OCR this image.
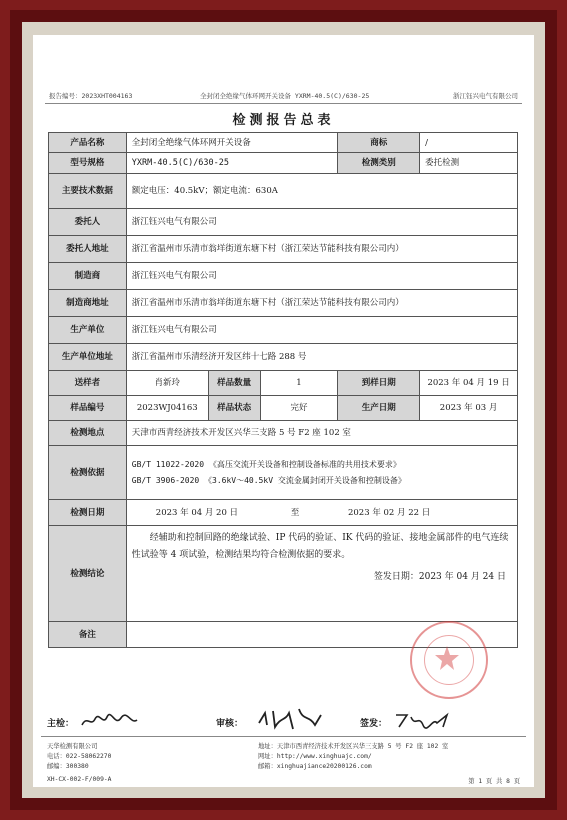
报告编号：2023XHT004163	全封闭全绝缘气体环网开关设备 YXRM-40.5(C)/630-25	浙江钰兴电气有限公司
检测报告总表
产品名称	全封闭全绝缘气体环网开关设备			商标	/
型号规格	YXRM-40.5(C)/630-25			检测类别	委托检测
主要技术数据	额定电压：40.5kV；额定电流：630A				
委托人	浙江钰兴电气有限公司				
委托人地址	浙江省温州市乐清市翁垟街道东塘下村（浙江荣达节能科技有限公司内）				
制造商	浙江钰兴电气有限公司				
制造商地址	浙江省温州市乐清市翁垟街道东塘下村（浙江荣达节能科技有限公司内）				
生产单位	浙江钰兴电气有限公司				
生产单位地址	浙江省温州市乐清经济开发区纬十七路 288 号				
送样者	肖新玲	样品数量	1	到样日期	2023 年 04 月 19 日
样品编号	2023WJ04163	样品状态	完好	生产日期	2023 年 03 月
检测地点	天津市西青经济技术开发区兴华三支路 5 号 F2 座 102 室				
检测依据	GB/T 11022-2020 《高压交流开关设备和控制设备标准的共用技术要求》
GB/T 3906-2020 《3.6kV～40.5kV 交流金属封闭开关设备和控制设备》				

检测日期	2023 年 04 月 20 日 至 2023 年 02 月 22 日				
检测结论	经辅助和控制回路的绝缘试验、IP 代码的验证、IK 代码的验证、接地金属部件的电气连续性试验等 4 项试验，检测结果均符合检测依据的要求。
签发日期：2023 年 04 月 24 日				

备注					
主检：	审核：	签发：
天华检测有限公司
电话：022-58062270
邮编：300380
XH-CX-002-F/009-A
地址：天津市西青经济技术开发区兴华三支路 5 号 F2 座 102 室
网址：http://www.xinghuajc.com/
邮箱：xinghuajiance20200126.com
第 1 页 共 8 页
